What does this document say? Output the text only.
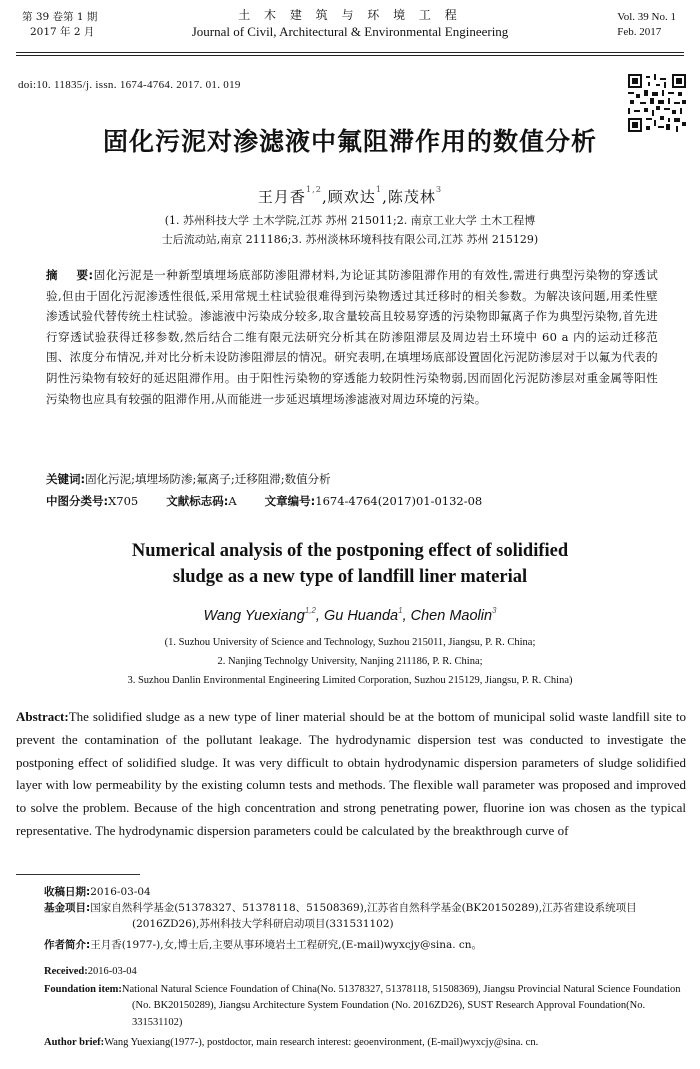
第 39 卷第 1 期
2017 年 2 月
土 木 建 筑 与 环 境 工 程
Journal of Civil, Architectural & Environmental Engineering
Vol. 39 No. 1
Feb. 2017
doi:10. 11835/j. issn. 1674-4764. 2017. 01. 019
固化污泥对渗滤液中氟阻滞作用的数值分析
王月香$^{1,2}$,顾欢达$^1$,陈茂林$^3$
(1. 苏州科技大学 土木学院,江苏 苏州 215011;2. 南京工业大学 土木工程博
士后流动站,南京 211186;3. 苏州淡林环境科技有限公司,江苏 苏州 215129)
摘    要:固化污泥是一种新型填埋场底部防渗阻滞材料,为论证其防渗阻滞作用的有效性,需进行典型污染物的穿透试验,但由于固化污泥渗透性很低,采用常规土柱试验很难得到污染物透过其迁移时的相关参数。为解决该问题,用柔性壁渗透试验代替传统土柱试验。渗滤液中污染成分较多,取含量较高且较易穿透的污染物即氟离子作为典型污染物,首先进行穿透试验获得迁移参数,然后结合二维有限元法研究分析其在防渗阻滞层及周边岩土环境中 60 a 内的运动迁移范围、浓度分布情况,并对比分析未设防渗阻滞层的情况。研究表明,在填埋场底部设置固化污泥防渗层对于以氟为代表的阴性污染物有较好的延迟阻滞作用。由于阳性污染物的穿透能力较阴性污染物弱,因而固化污泥防渗层对重金属等阳性污染物也应具有较强的阻滞作用,从而能进一步延迟填埋场渗滤液对周边环境的污染。
关键词:固化污泥;填埋场防渗;氟离子;迁移阻滞;数值分析
中图分类号:X705 文献标志码:A 文章编号:1674-4764(2017)01-0132-08
Numerical analysis of the postponing effect of solidified
sludge as a new type of landfill liner material
Wang Yuexiang$^{1,2}$, Gu Huanda$^1$, Chen Maolin$^3$
(1. Suzhou University of Science and Technology, Suzhou 215011, Jiangsu, P. R. China;
2. Nanjing Technolgy University, Nanjing 211186, P. R. China;
3. Suzhou Danlin Environmental Engineering Limited Corporation, Suzhou 215129, Jiangsu, P. R. China)
Abstract:The solidified sludge as a new type of liner material should be at the bottom of municipal solid waste landfill site to prevent the contamination of the pollutant leakage. The hydrodynamic dispersion test was conducted to investigate the postponing effect of solidified sludge. It was very difficult to obtain hydrodynamic dispersion parameters of sludge solidified layer with low permeability by the existing column tests and methods. The flexible wall parameter was proposed and improved to solve the problem. Because of the high concentration and strong penetrating power, fluorine ion was chosen as the typical representative. The hydrodynamic dispersion parameters could be calculated by the breakthrough curve of
收稿日期:2016-03-04
基金项目:国家自然科学基金(51378327、51378118、51508369),江苏省自然科学基金(BK20150289),江苏省建设系统项目(2016ZD26),苏州科技大学科研启动项目(331531102)
作者简介:王月香(1977-),女,博士后,主要从事环境岩土工程研究,(E-mail)wyxcjy@sina. cn。
Received:2016-03-04
Foundation item:National Natural Science Foundation of China(No. 51378327, 51378118, 51508369), Jiangsu Provincial Natural Science Foundation (No. BK20150289), Jiangsu Architecture System Foundation (No. 2016ZD26), SUST Research Approval Foundation(No. 331531102)
Author brief:Wang Yuexiang(1977-), postdoctor, main research interest: geoenvironment, (E-mail)wyxcjy@sina. cn.
